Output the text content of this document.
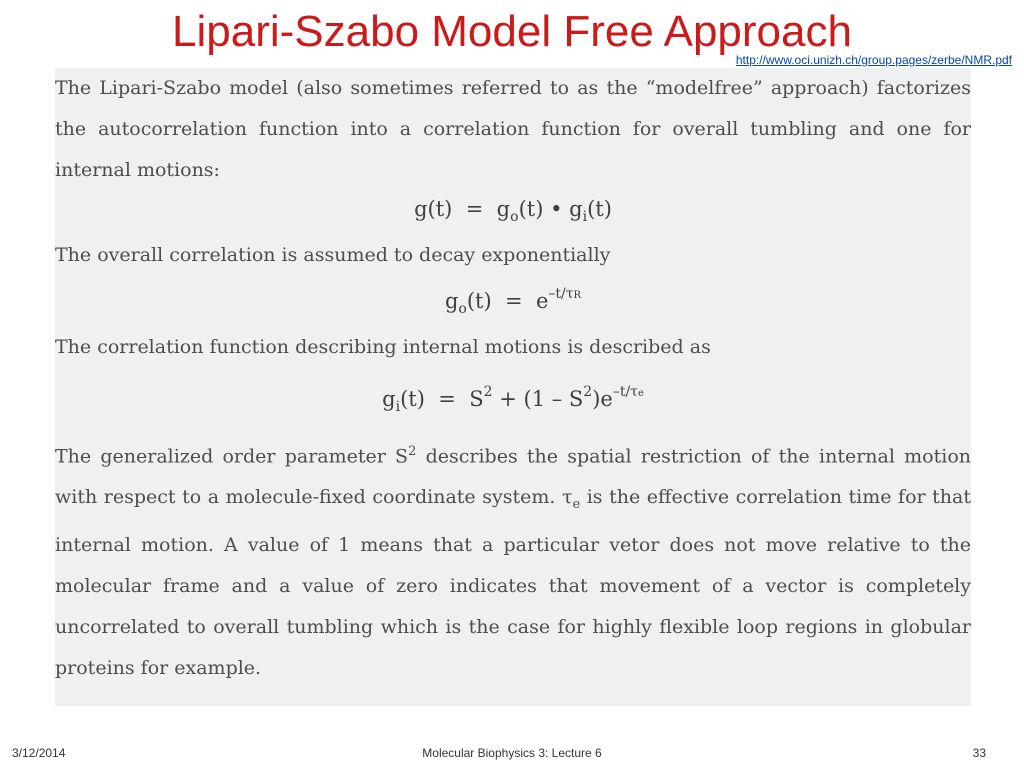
Lipari-Szabo Model Free Approach
http://www.oci.unizh.ch/group.pages/zerbe/NMR.pdf

The Lipari-Szabo model (also sometimes referred to as the “modelfree” approach) factorizes the autocorrelation function into a correlation function for overall tumbling and one for internal motions:

$g(t) = g_o(t)$ • $g_i(t)$

The overall correlation is assumed to decay exponentially

$g_o(t) = e^{-t/\tau R}$

The correlation function describing internal motions is described as

$g_i(t) = S^2 + (1 - S^2)e^{-t/\tau e}$

The generalized order parameter $S^2$ describes the spatial restriction of the internal motion with respect to a molecule-fixed coordinate system. $\tau_e$ is the effective correlation time for that internal motion. A value of 1 means that a particular vetor does not move relative to the molecular frame and a value of zero indicates that movement of a vector is completely uncorrelated to overall tumbling which is the case for highly flexible loop regions in globular proteins for example.

3/12/2014	Molecular Biophysics 3: Lecture 6	33
